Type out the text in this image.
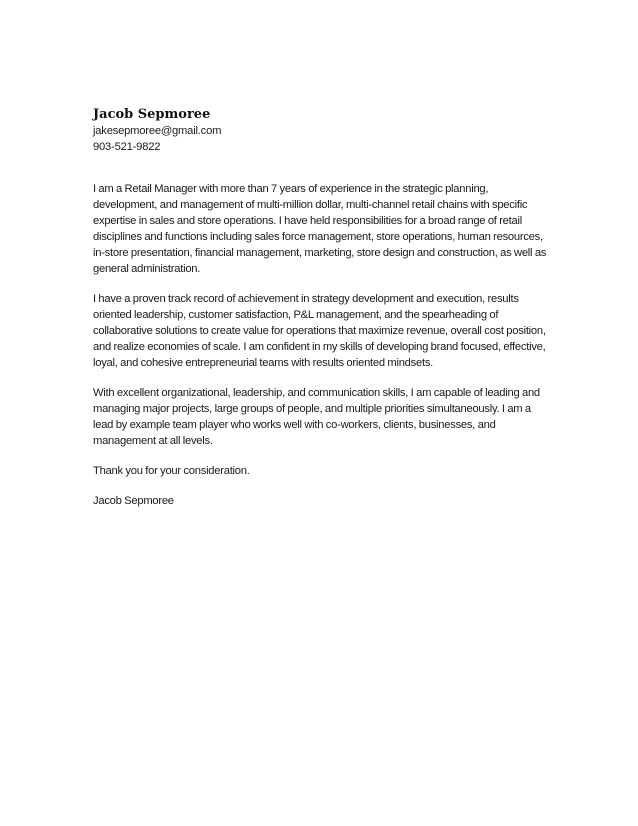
Jacob Sepmoree

jakesepmoree@gmail.com

903-521-9822

I am a Retail Manager with more than 7 years of experience in the strategic planning,
development, and management of multi-million dollar, multi-channel retail chains with specific
expertise in sales and store operations. I have held responsibilities for a broad range of retail
disciplines and functions including sales force management, store operations, human resources,
in-store presentation, financial management, marketing, store design and construction, as well as
general administration.

I have a proven track record of achievement in strategy development and execution, results
oriented leadership, customer satisfaction, P&L management, and the spearheading of
collaborative solutions to create value for operations that maximize revenue, overall cost position,
and realize economies of scale. I am confident in my skills of developing brand focused, effective,
loyal, and cohesive entrepreneurial teams with results oriented mindsets.

With excellent organizational, leadership, and communication skills, I am capable of leading and
managing major projects, large groups of people, and multiple priorities simultaneously. I am a
lead by example team player who works well with co-workers, clients, businesses, and
management at all levels.

Thank you for your consideration.

Jacob Sepmoree
